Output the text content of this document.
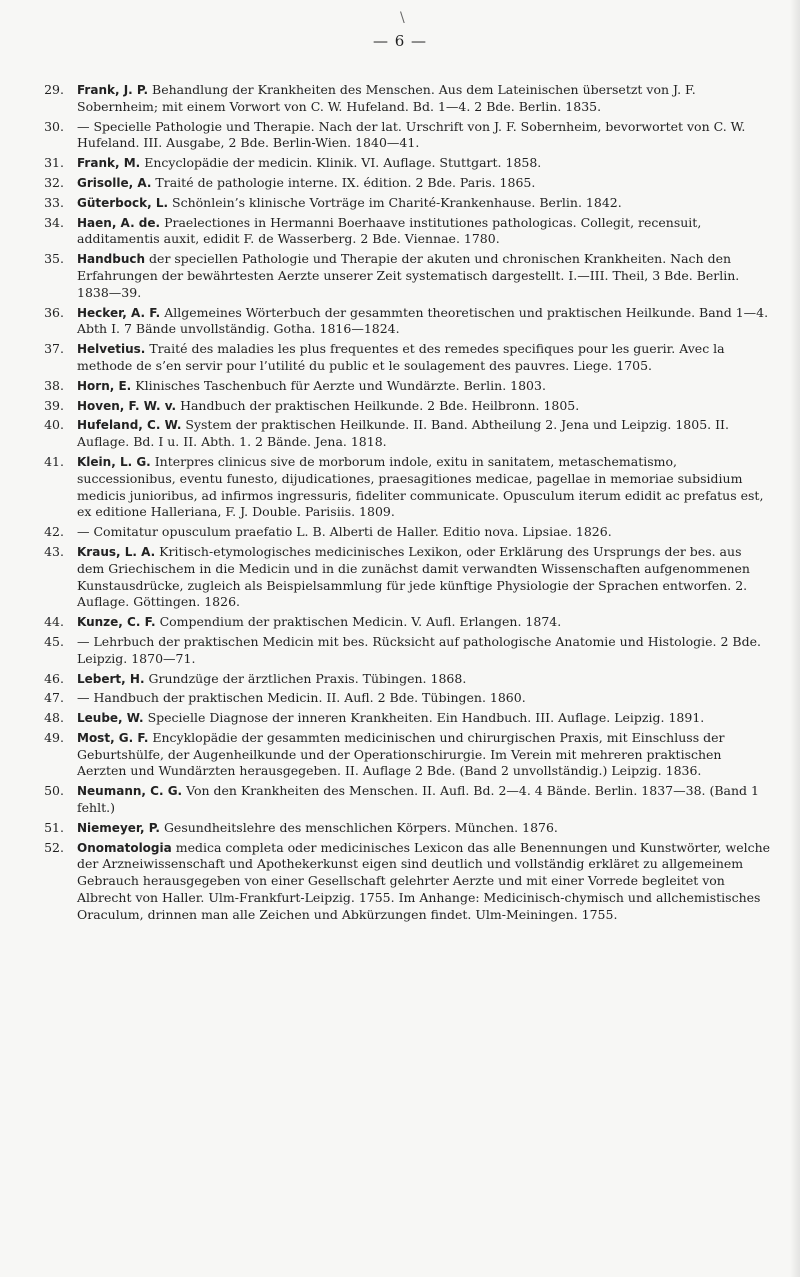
\
— 6 —
29. Frank, J. P. Behandlung der Krankheiten des Menschen. Aus dem Lateinischen übersetzt von J. F. Sobernheim; mit einem Vorwort von C. W. Hufeland. Bd. 1—4. 2 Bde. Berlin. 1835.
30. — Specielle Pathologie und Therapie. Nach der lat. Urschrift von J. F. Sobernheim, bevorwortet von C. W. Hufeland. III. Ausgabe, 2 Bde. Berlin-Wien. 1840—41.
31. Frank, M. Encyclopädie der medicin. Klinik. VI. Auflage. Stuttgart. 1858.
32. Grisolle, A. Traité de pathologie interne. IX. édition. 2 Bde. Paris. 1865.
33. Güterbock, L. Schönlein’s klinische Vorträge im Charité-Krankenhause. Berlin. 1842.
34. Haen, A. de. Praelectiones in Hermanni Boerhaave institutiones pathologicas. Collegit, recensuit, additamentis auxit, edidit F. de Wasserberg. 2 Bde. Viennae. 1780.
35. Handbuch der speciellen Pathologie und Therapie der akuten und chronischen Krankheiten. Nach den Erfahrungen der bewährtesten Aerzte unserer Zeit systematisch dargestellt. I.—III. Theil, 3 Bde. Berlin. 1838—39.
36. Hecker, A. F. Allgemeines Wörterbuch der gesammten theoretischen und praktischen Heilkunde. Band 1—4. Abth I. 7 Bände unvollständig. Gotha. 1816—1824.
37. Helvetius. Traité des maladies les plus frequentes et des remedes specifiques pour les guerir. Avec la methode de s’en servir pour l’utilité du public et le soulagement des pauvres. Liege. 1705.
38. Horn, E. Klinisches Taschenbuch für Aerzte und Wundärzte. Berlin. 1803.
39. Hoven, F. W. v. Handbuch der praktischen Heilkunde. 2 Bde. Heilbronn. 1805.
40. Hufeland, C. W. System der praktischen Heilkunde. II. Band. Abtheilung 2. Jena und Leipzig. 1805. II. Auflage. Bd. I u. II. Abth. 1. 2 Bände. Jena. 1818.
41. Klein, L. G. Interpres clinicus sive de morborum indole, exitu in sanitatem, metaschematismo, successionibus, eventu funesto, dijudicationes, praesagitiones medicae, pagellae in memoriae subsidium medicis junioribus, ad infirmos ingressuris, fideliter communicate. Opusculum iterum edidit ac prefatus est, ex editione Halleriana, F. J. Double. Parisiis. 1809.
42. — Comitatur opusculum praefatio L. B. Alberti de Haller. Editio nova. Lipsiae. 1826.
43. Kraus, L. A. Kritisch-etymologisches medicinisches Lexikon, oder Erklärung des Ursprungs der bes. aus dem Griechischem in die Medicin und in die zunächst damit verwandten Wissenschaften aufgenommenen Kunstausdrücke, zugleich als Beispielsammlung für jede künftige Physiologie der Sprachen entworfen. 2. Auflage. Göttingen. 1826.
44. Kunze, C. F. Compendium der praktischen Medicin. V. Aufl. Erlangen. 1874.
45. — Lehrbuch der praktischen Medicin mit bes. Rücksicht auf pathologische Anatomie und Histologie. 2 Bde. Leipzig. 1870—71.
46. Lebert, H. Grundzüge der ärztlichen Praxis. Tübingen. 1868.
47. — Handbuch der praktischen Medicin. II. Aufl. 2 Bde. Tübingen. 1860.
48. Leube, W. Specielle Diagnose der inneren Krankheiten. Ein Handbuch. III. Auflage. Leipzig. 1891.
49. Most, G. F. Encyklopädie der gesammten medicinischen und chirurgischen Praxis, mit Einschluss der Geburtshülfe, der Augenheilkunde und der Operationschirurgie. Im Verein mit mehreren praktischen Aerzten und Wundärzten herausgegeben. II. Auflage 2 Bde. (Band 2 unvollständig.) Leipzig. 1836.
50. Neumann, C. G. Von den Krankheiten des Menschen. II. Aufl. Bd. 2—4. 4 Bände. Berlin. 1837—38. (Band 1 fehlt.)
51. Niemeyer, P. Gesundheitslehre des menschlichen Körpers. München. 1876.
52. Onomatologia medica completa oder medicinisches Lexicon das alle Benennungen und Kunstwörter, welche der Arzneiwissenschaft und Apothekerkunst eigen sind deutlich und vollständig erkläret zu allgemeinem Gebrauch herausgegeben von einer Gesellschaft gelehrter Aerzte und mit einer Vorrede begleitet von Albrecht von Haller. Ulm-Frankfurt-Leipzig. 1755. Im Anhange: Medicinisch-chymisch und allchemistisches Oraculum, drinnen man alle Zeichen und Abkürzungen findet. Ulm-Meiningen. 1755.
